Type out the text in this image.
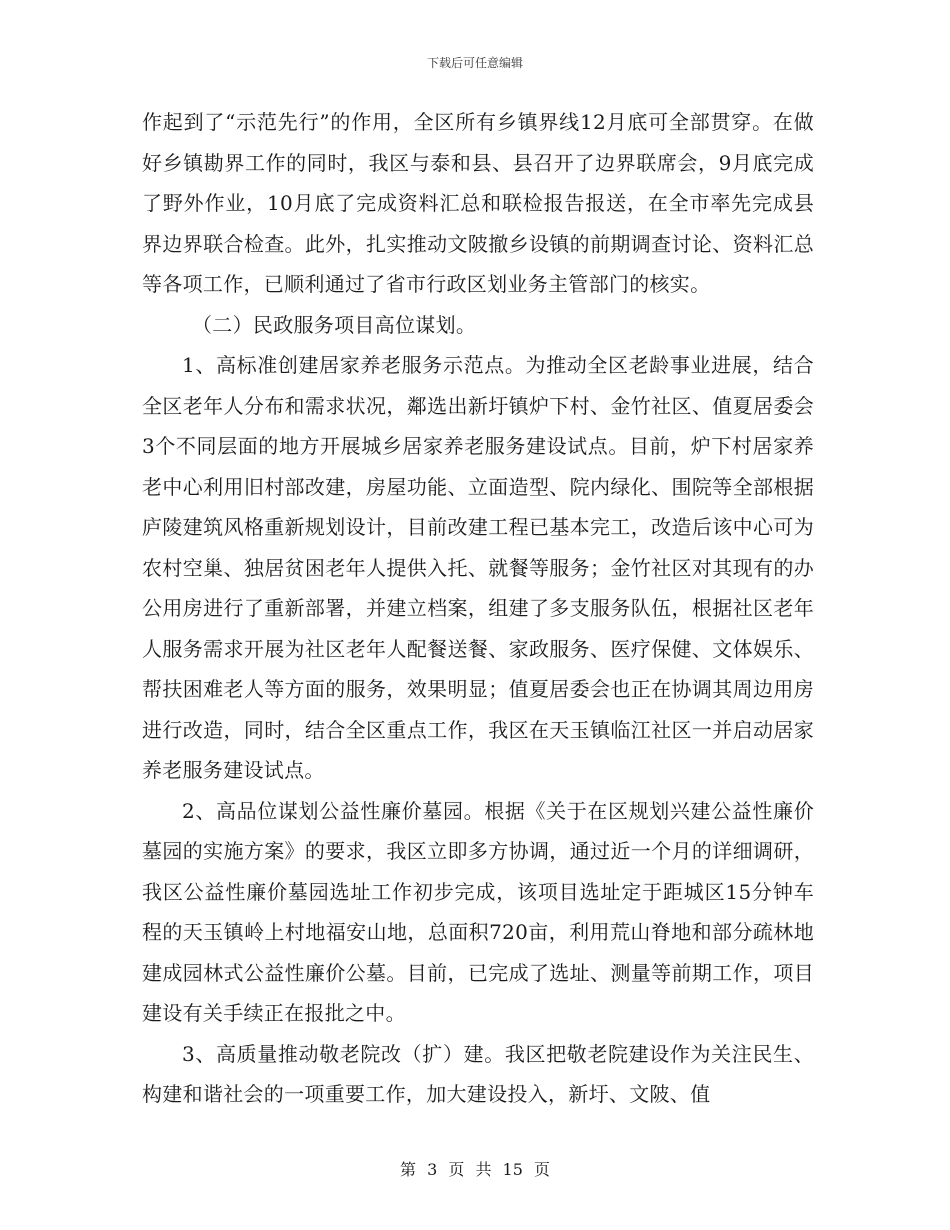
下载后可任意编辑

作起到了“示范先行”的作用，全区所有乡镇界线12月底可全部贯穿。在做好乡镇勘界工作的同时，我区与泰和县、县召开了边界联席会，9月底完成了野外作业，10月底了完成资料汇总和联检报告报送，在全市率先完成县界边界联合检查。此外，扎实推动文陂撤乡设镇的前期调查讨论、资料汇总等各项工作，已顺利通过了省市行政区划业务主管部门的核实。

（二）民政服务项目高位谋划。

1、高标准创建居家养老服务示范点。为推动全区老龄事业进展，结合全区老年人分布和需求状况，鄰选出新圩镇炉下村、金竹社区、值夏居委会3个不同层面的地方开展城乡居家养老服务建设试点。目前，炉下村居家养老中心利用旧村部改建，房屋功能、立面造型、院内绿化、围院等全部根据庐陵建筑风格重新规划设计，目前改建工程已基本完工，改造后该中心可为农村空巢、独居贫困老年人提供入托、就餐等服务；金竹社区对其现有的办公用房进行了重新部署，并建立档案，组建了多支服务队伍，根据社区老年人服务需求开展为社区老年人配餐送餐、家政服务、医疗保健、文体娱乐、帮扶困难老人等方面的服务，效果明显；值夏居委会也正在协调其周边用房进行改造，同时，结合全区重点工作，我区在天玉镇临江社区一并启动居家养老服务建设试点。

2、高品位谋划公益性廉价墓园。根据《关于在区规划兴建公益性廉价墓园的实施方案》的要求，我区立即多方协调，通过近一个月的详细调研，我区公益性廉价墓园选址工作初步完成，该项目选址定于距城区15分钟车程的天玉镇岭上村地福安山地，总面积720亩，利用荒山脊地和部分疏林地建成园林式公益性廉价公墓。目前，已完成了选址、测量等前期工作，项目建设有关手续正在报批之中。

3、高质量推动敬老院改（扩）建。我区把敬老院建设作为关注民生、构建和谐社会的一项重要工作，加大建设投入，新圩、文陂、值

第 3 页 共 15 页
